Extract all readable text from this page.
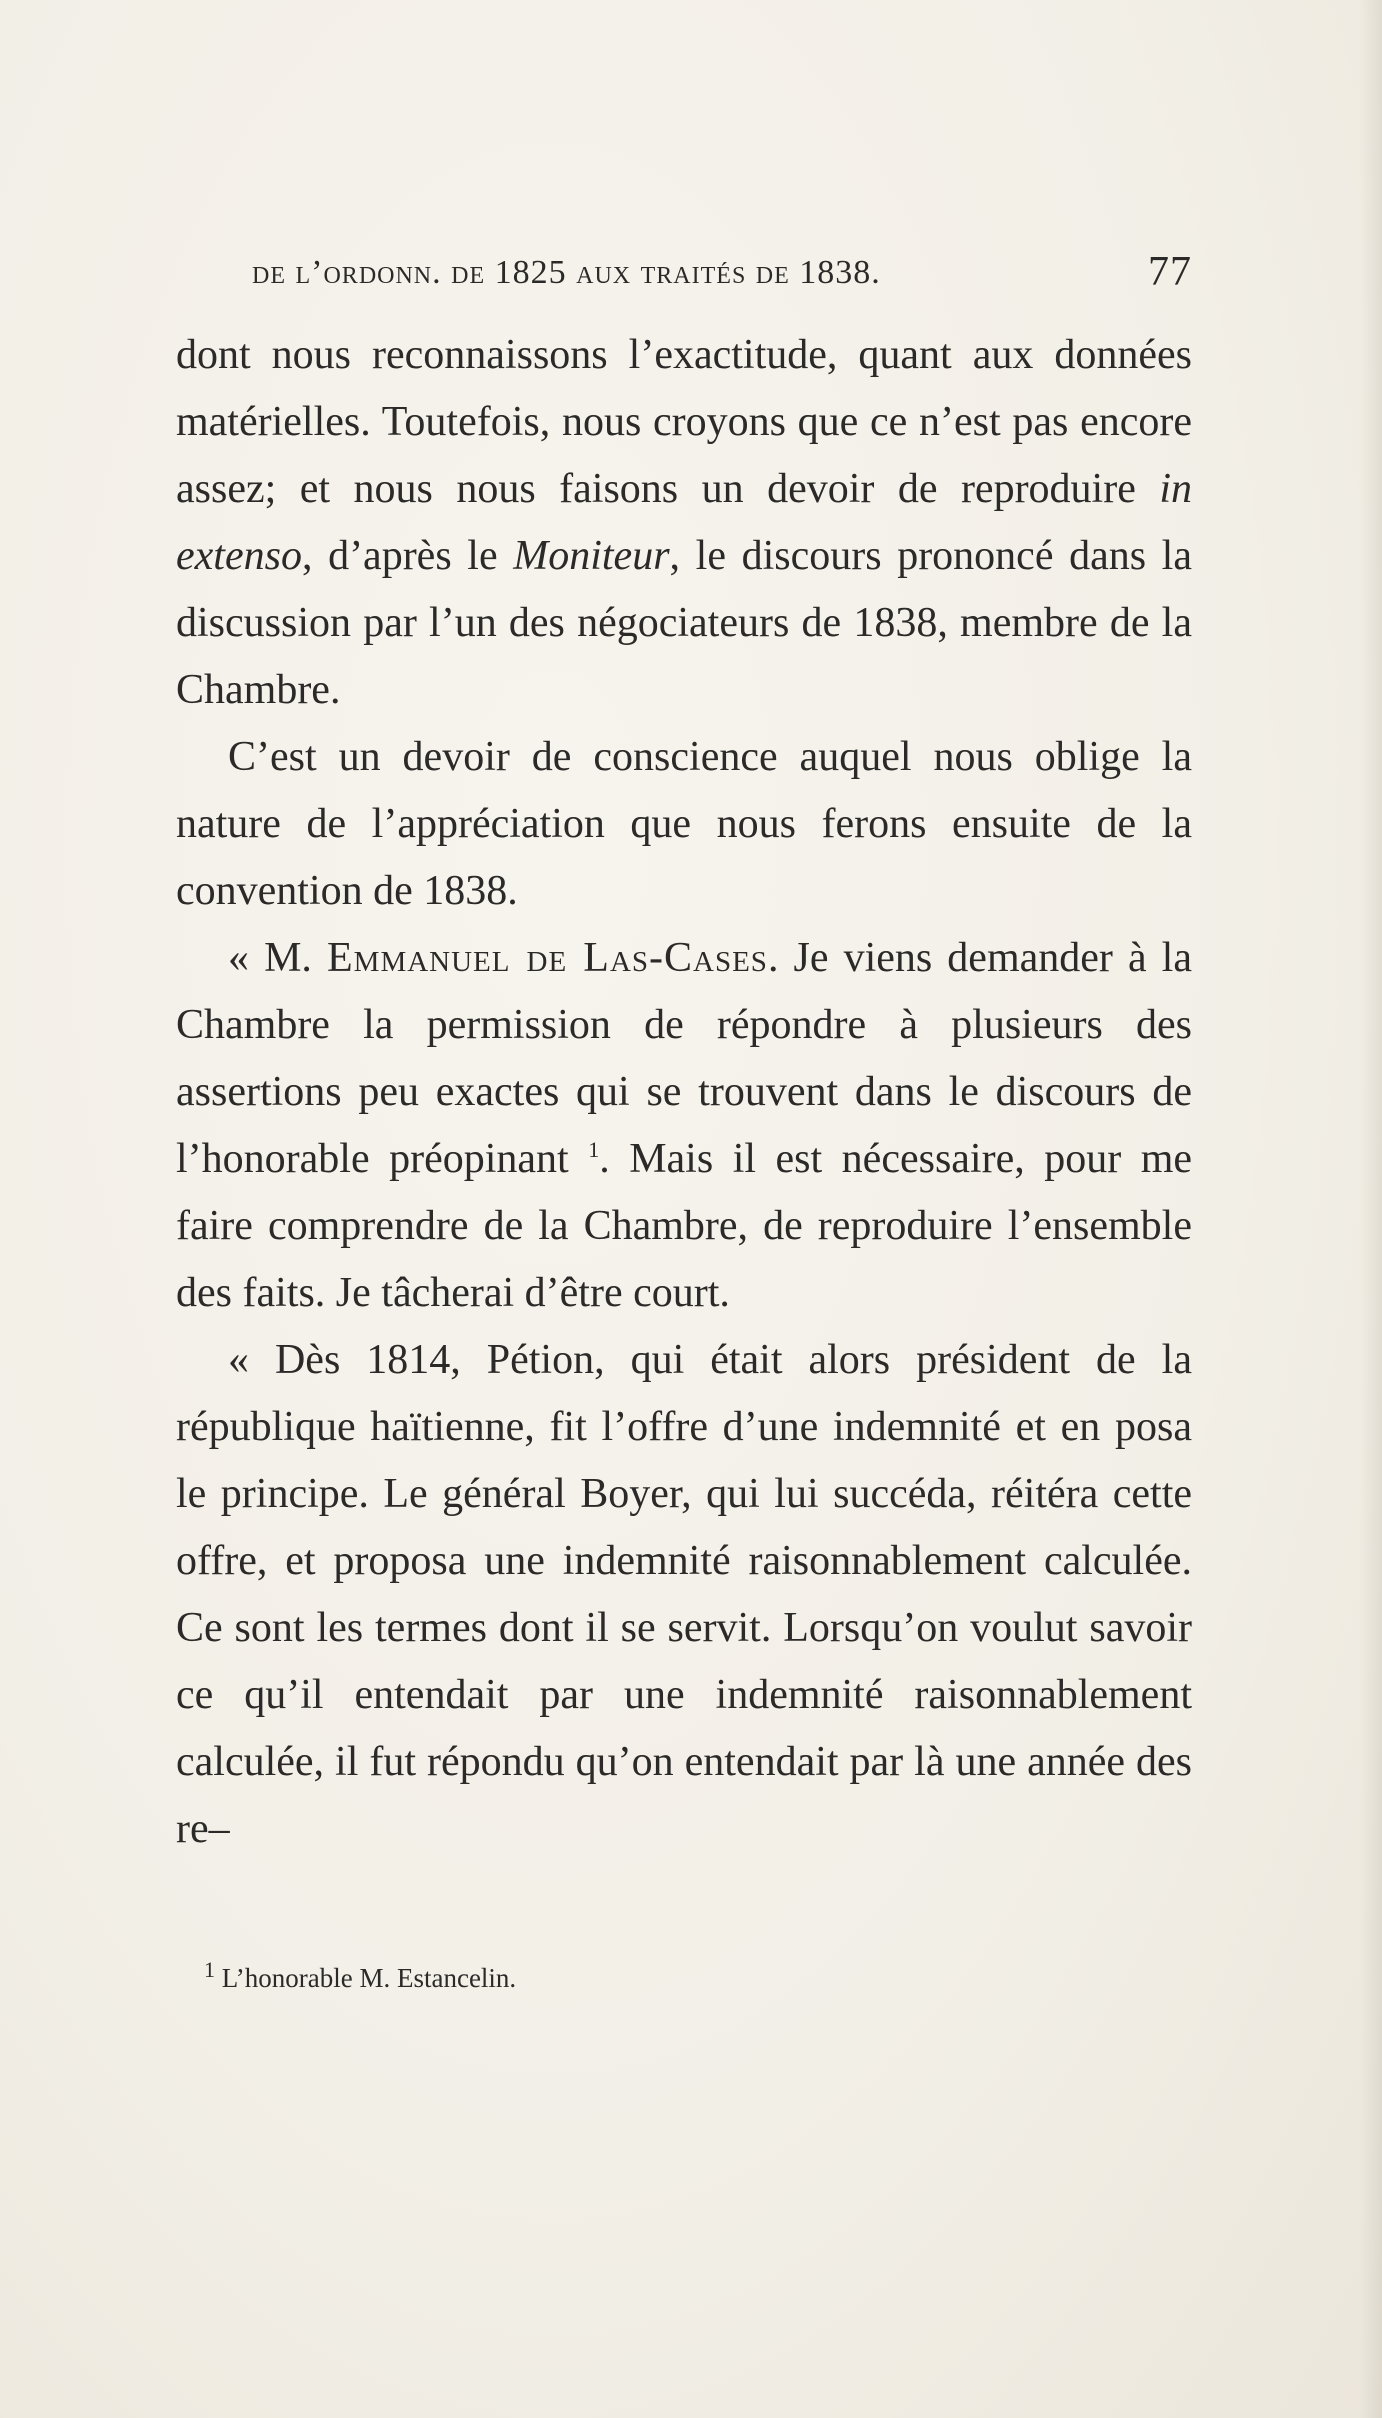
de l’ordonn. de 1825 aux traités de 1838.	77

dont nous reconnaissons l’exactitude, quant aux données matérielles. Toutefois, nous croyons que ce n’est pas encore assez; et nous nous faisons un devoir de reproduire in extenso, d’après le Moniteur, le discours prononcé dans la discussion par l’un des négociateurs de 1838, membre de la Chambre.

C’est un devoir de conscience auquel nous oblige la nature de l’appréciation que nous ferons ensuite de la convention de 1838.

« M. Emmanuel de Las-Cases. Je viens demander à la Chambre la permission de répondre à plusieurs des assertions peu exactes qui se trouvent dans le discours de l’honorable préopinant $^1$. Mais il est nécessaire, pour me faire comprendre de la Chambre, de reproduire l’ensemble des faits. Je tâcherai d’être court.

« Dès 1814, Pétion, qui était alors président de la république haïtienne, fit l’offre d’une indemnité et en posa le principe. Le général Boyer, qui lui succéda, réitéra cette offre, et proposa une indemnité raisonnablement calculée. Ce sont les termes dont il se servit. Lorsqu’on voulut savoir ce qu’il entendait par une indemnité raisonnablement calculée, il fut répondu qu’on entendait par là une année des re–

$^1$ L’honorable M. Estancelin.
